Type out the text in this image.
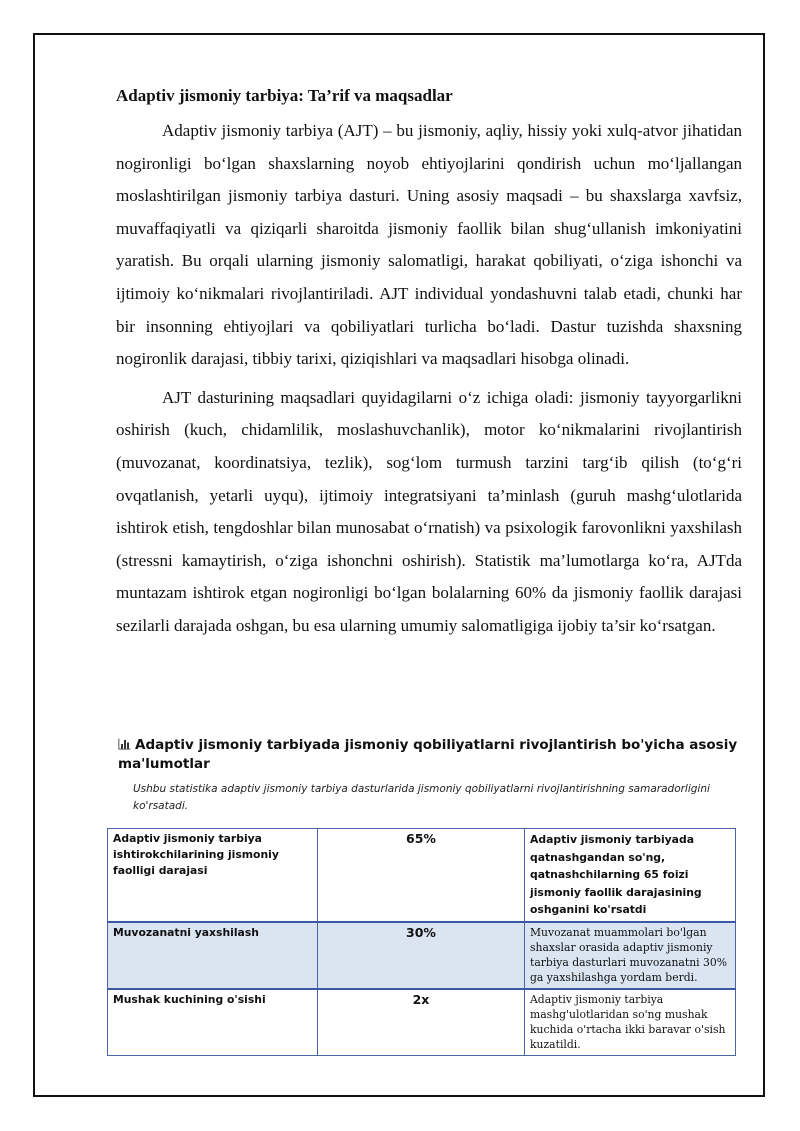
Adaptiv jismoniy tarbiya: Ta’rif va maqsadlar

Adaptiv jismoniy tarbiya (AJT) – bu jismoniy, aqliy, hissiy yoki xulq-atvor jihatidan nogironligi bo‘lgan shaxslarning noyob ehtiyojlarini qondirish uchun mo‘ljallangan moslashtirilgan jismoniy tarbiya dasturi. Uning asosiy maqsadi – bu shaxslarga xavfsiz, muvaffaqiyatli va qiziqarli sharoitda jismoniy faollik bilan shug‘ullanish imkoniyatini yaratish. Bu orqali ularning jismoniy salomatligi, harakat qobiliyati, o‘ziga ishonchi va ijtimoiy ko‘nikmalari rivojlantiriladi. AJT individual yondashuvni talab etadi, chunki har bir insonning ehtiyojlari va qobiliyatlari turlicha bo‘ladi. Dastur tuzishda shaxsning nogironlik darajasi, tibbiy tarixi, qiziqishlari va maqsadlari hisobga olinadi.

AJT dasturining maqsadlari quyidagilarni o‘z ichiga oladi: jismoniy tayyorgarlikni oshirish (kuch, chidamlilik, moslashuvchanlik), motor ko‘nikmalarini rivojlantirish (muvozanat, koordinatsiya, tezlik), sog‘lom turmush tarzini targ‘ib qilish (to‘g‘ri ovqatlanish, yetarli uyqu), ijtimoiy integratsiyani ta’minlash (guruh mashg‘ulotlarida ishtirok etish, tengdoshlar bilan munosabat o‘rnatish) va psixologik farovonlikni yaxshilash (stressni kamaytirish, o‘ziga ishonchni oshirish). Statistik ma’lumotlarga ko‘ra, AJTda muntazam ishtirok etgan nogironligi bo‘lgan bolalarning 60% da jismoniy faollik darajasi sezilarli darajada oshgan, bu esa ularning umumiy salomatligiga ijobiy ta’sir ko‘rsatgan.

Adaptiv jismoniy tarbiyada jismoniy qobiliyatlarni rivojlantirish bo'yicha asosiy ma'lumotlar

Ushbu statistika adaptiv jismoniy tarbiya dasturlarida jismoniy qobiliyatlarni rivojlantirishning samaradorligini ko'rsatadi.

Adaptiv jismoniy tarbiya ishtirokchilarining jismoniy faolligi darajasi	65%	Adaptiv jismoniy tarbiyada qatnashgandan so'ng, qatnashchilarning 65 foizi jismoniy faollik darajasining oshganini ko'rsatdi
Muvozanatni yaxshilash	30%	Muvozanat muammolari bo'lgan shaxslar orasida adaptiv jismoniy tarbiya dasturlari muvozanatni 30% ga yaxshilashga yordam berdi.
Mushak kuchining o'sishi	2x	Adaptiv jismoniy tarbiya mashg'ulotlaridan so'ng mushak kuchida o'rtacha ikki baravar o'sish kuzatildi.
